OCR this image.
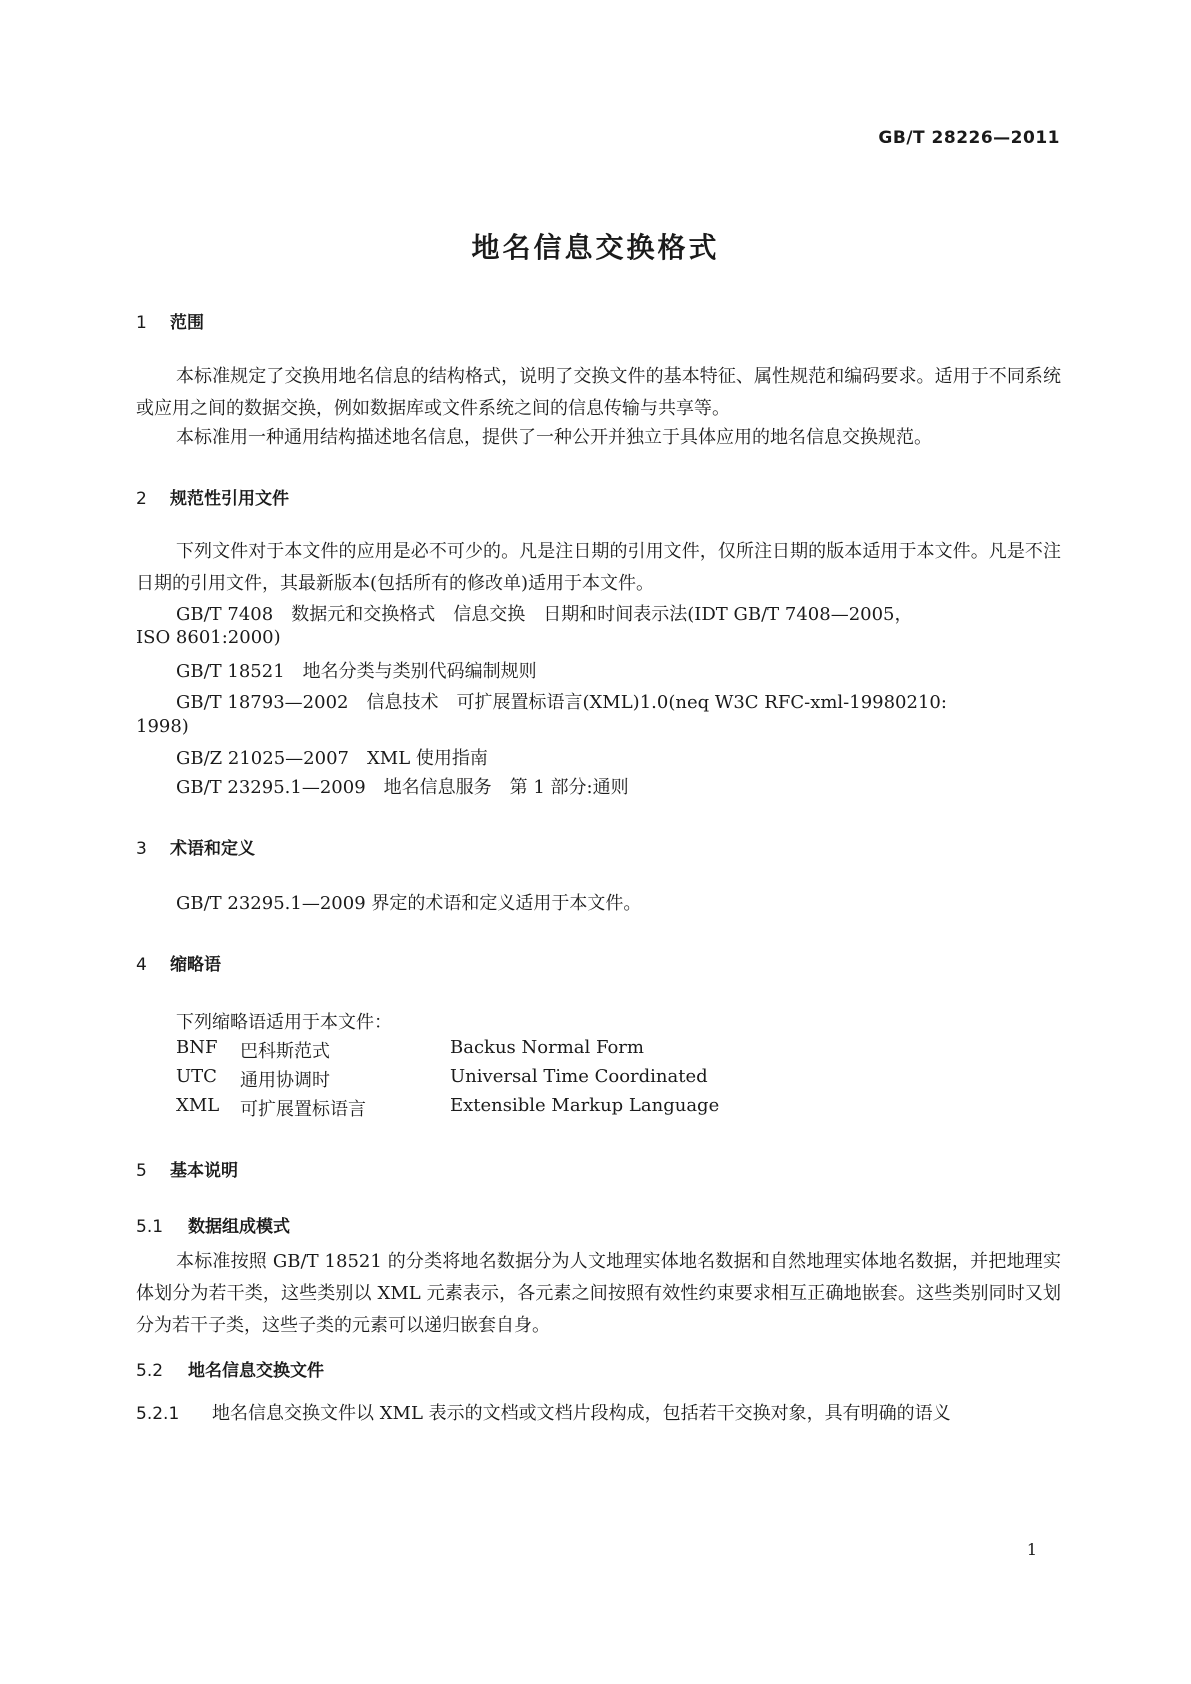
GB/T 28226—2011
地名信息交换格式
1 范围

本标准规定了交换用地名信息的结构格式，说明了交换文件的基本特征、属性规范和编码要求。适用于不同系统或应用之间的数据交换，例如数据库或文件系统之间的信息传输与共享等。

本标准用一种通用结构描述地名信息，提供了一种公开并独立于具体应用的地名信息交换规范。

2 规范性引用文件

下列文件对于本文件的应用是必不可少的。凡是注日期的引用文件，仅所注日期的版本适用于本文件。凡是不注日期的引用文件，其最新版本(包括所有的修改单)适用于本文件。

GB/T 7408　数据元和交换格式　信息交换　日期和时间表示法(IDT GB/T 7408—2005，
ISO 8601:2000)
GB/T 18521　地名分类与类别代码编制规则
GB/T 18793—2002　信息技术　可扩展置标语言(XML)1.0(neq W3C RFC-xml-19980210:
1998)
GB/Z 21025—2007　XML 使用指南
GB/T 23295.1—2009　地名信息服务　第 1 部分:通则
3 术语和定义
GB/T 23295.1—2009 界定的术语和定义适用于本文件。
4 缩略语
下列缩略语适用于本文件：
BNF 巴科斯范式	Backus Normal Form
UTC 通用协调时	Universal Time Coordinated
XML 可扩展置标语言	Extensible Markup Language
5 基本说明
5.1 数据组成模式

本标准按照 GB/T 18521 的分类将地名数据分为人文地理实体地名数据和自然地理实体地名数据，并把地理实体划分为若干类，这些类别以 XML 元素表示，各元素之间按照有效性约束要求相互正确地嵌套。这些类别同时又划分为若干子类，这些子类的元素可以递归嵌套自身。

5.2 地名信息交换文件
5.2.1 地名信息交换文件以 XML 表示的文档或文档片段构成，包括若干交换对象，具有明确的语义
1
